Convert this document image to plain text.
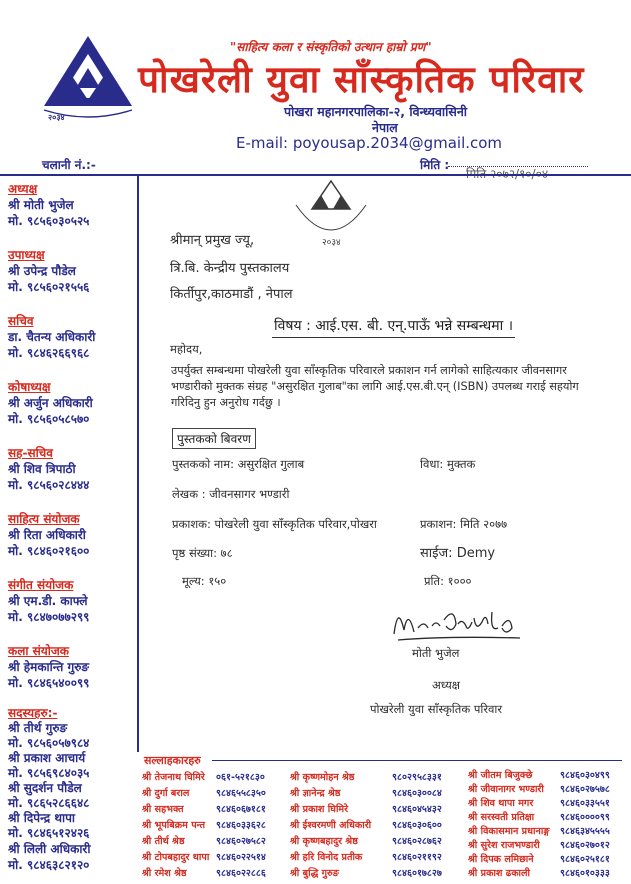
२०३४
"साहित्य कला र संस्कृतिको उत्थान हाम्रो प्रण"
पोखरेली युवा साँस्कृतिक परिवार
पोखरा महानगरपालिका-२, विन्ध्यवासिनी
नेपाल
E-mail: poyousap.2034@gmail.com
चलानी नं.:-	मिति :
२०३४
अध्यक्ष
श्री मोती भुजेल
मो. ९८५६०३०५२५
उपाध्यक्ष
श्री उपेन्द्र पौडेल
मो. ९८५६०२१५५६
सचिव
डा. चैतन्य अधिकारी
मो. ९८४६२६६९६८
कोषाध्यक्ष
श्री अर्जुन अधिकारी
मो. ९८५६०५८५७०
सह-सचिव
श्री शिव त्रिपाठी
मो. ९८५६०२८४४४
साहित्य संयोजक
श्री रिता अधिकारी
मो. ९८४६०२१६००
संगीत संयोजक
श्री एम.डी. काफ्ले
मो. ९८४७०७७२९९
कला संयोजक
श्री हेमकान्ति गुरुङ
मो. ९८४६५४००९९
सदस्यहरु:-
श्री तीर्थ गुरुङ
मो. ९८५६०५७९८४
श्री प्रकाश आचार्य
मो. ९८५६९८४०३५
श्री सुदर्शन पौडेल
मो. ९८६५२८६६४८
श्री दिपेन्द्र थापा
मो. ९८४६५१२४२६
श्री लिली अधिकारी
मो. ९८४६३८२१२०
श्रीमान् प्रमुख ज्यू,
त्रि.बि. केन्द्रीय पुस्तकालय
किर्तीपुर,काठमाडौं , नेपाल
विषय : आई.एस. बी. एन्.पाऊँ भन्ने सम्बन्धमा ।
महोदय,
उपर्युक्त सम्बन्धमा पोखरेली युवा साँस्कृतिक परिवारले प्रकाशन गर्न लागेको साहित्यकार जीवनसागर भण्डारीको मुक्तक संग्रह "असुरक्षित गुलाब"का लागि आई.एस.बी.एन् (ISBN) उपलब्ध गराई सहयोग गरिदिनु हुन अनुरोध गर्दछु ।
पुस्तकको बिवरण
पुस्तकको नाम: असुरक्षित गुलाब	विधा: मुक्तक
लेखक : जीवनसागर भण्डारी
प्रकाशक: पोखरेली युवा साँस्कृतिक परिवार,पोखरा	प्रकाशन: मिति २०७७
पृष्ठ संख्या: ७८	साईज: Demy
मूल्य: १५०	प्रति: १०००
मोती भुजेल
अध्यक्ष
पोखरेली युवा साँस्कृतिक परिवार
सल्लाहकारहरु
श्री तेजनाथ घिमिरे ०६१-५२१८३०
श्री दुर्गा बराल	९८४६५५८३५०
श्री सहभक्त	९८४६०६७१८१
श्री भूपबिक्रम पन्त ९८४६०३३६२८
श्री तीर्थ श्रेष्ठ	९८४६०२७५८२
श्री टोपबहादुर थापा ९८४६०२२५१४
श्री रमेश श्रेष्ठ	९८४६०२२८८६
श्री कृष्णमोहन श्रेष्ठ	९८०२९५८३३१
श्री ज्ञानेन्द्र श्रेष्ठ	९८४६०३००८४
श्री प्रकाश घिमिरे	९८४६०४५४३२
श्री ईश्वरमणी अधिकारी ९८४६०३०६००
श्री कृष्णबहादुर श्रेष्ठ	९८४६०२८७६२
श्री हरि विनोद प्रतीक	९८४६०२११९२
श्री बुद्धि गुरुङ	९८४६०१७८२७
श्री जीतम बिजुक्छे	९८४६०३०४९९
श्री जीवानागर भण्डारी ९८४६०२७५७८
श्री शिव थापा मगर	९८४६०३३५५१
श्री सरस्वती प्रतिक्षा	९८४६००००९९
श्री विकासमान प्रधानाङ्ग ९८४६३४५५५५
श्री सुरेश राजभण्डारी ९८४६०२७०१२
श्री दिपक लमिछाने	९८४६०२५१८१
श्री प्रकाश ढकाली	९८४६०१०३३३
